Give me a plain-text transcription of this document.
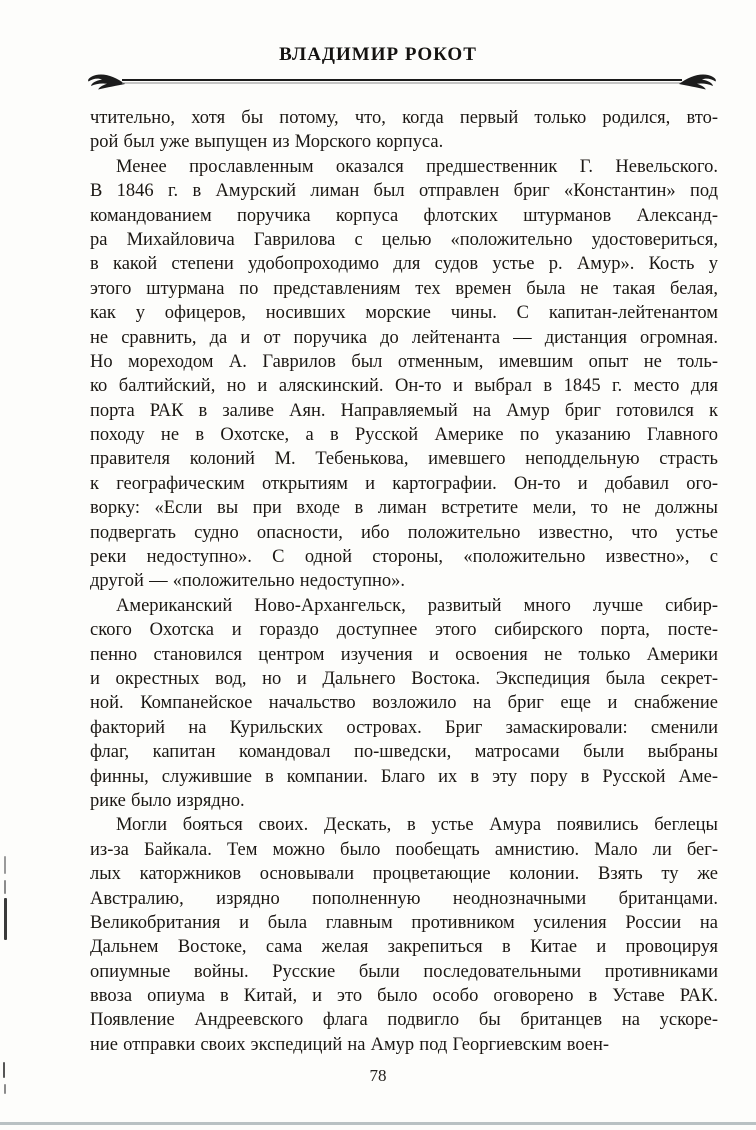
ВЛАДИМИР РОКОТ
чтительно, хотя бы потому, что, когда первый только родился, вто-
рой был уже выпущен из Морского корпуса.
Менее прославленным оказался предшественник Г. Невельского.
В 1846 г. в Амурский лиман был отправлен бриг «Константин» под
командованием поручика корпуса флотских штурманов Александ-
ра Михайловича Гаврилова с целью «положительно удостовериться,
в какой степени удобопроходимо для судов устье р. Амур». Кость у
этого штурмана по представлениям тех времен была не такая белая,
как у офицеров, носивших морские чины. С капитан-лейтенантом
не сравнить, да и от поручика до лейтенанта — дистанция огромная.
Но мореходом А. Гаврилов был отменным, имевшим опыт не толь-
ко балтийский, но и аляскинский. Он-то и выбрал в 1845 г. место для
порта РАК в заливе Аян. Направляемый на Амур бриг готовился к
походу не в Охотске, а в Русской Америке по указанию Главного
правителя колоний М. Тебенькова, имевшего неподдельную страсть
к географическим открытиям и картографии. Он-то и добавил ого-
ворку: «Если вы при входе в лиман встретите мели, то не должны
подвергать судно опасности, ибо положительно известно, что устье
реки недоступно». С одной стороны, «положительно известно», с
другой — «положительно недоступно».
Американский Ново-Архангельск, развитый много лучше сибир-
ского Охотска и гораздо доступнее этого сибирского порта, посте-
пенно становился центром изучения и освоения не только Америки
и окрестных вод, но и Дальнего Востока. Экспедиция была секрет-
ной. Компанейское начальство возложило на бриг еще и снабжение
факторий на Курильских островах. Бриг замаскировали: сменили
флаг, капитан командовал по-шведски, матросами были выбраны
финны, служившие в компании. Благо их в эту пору в Русской Аме-
рике было изрядно.
Могли бояться своих. Дескать, в устье Амура появились беглецы
из-за Байкала. Тем можно было пообещать амнистию. Мало ли бег-
лых каторжников основывали процветающие колонии. Взять ту же
Австралию, изрядно пополненную неоднозначными британцами.
Великобритания и была главным противником усиления России на
Дальнем Востоке, сама желая закрепиться в Китае и провоцируя
опиумные войны. Русские были последовательными противниками
ввоза опиума в Китай, и это было особо оговорено в Уставе РАК.
Появление Андреевского флага подвигло бы британцев на ускоре-
ние отправки своих экспедиций на Амур под Георгиевским воен-
78
